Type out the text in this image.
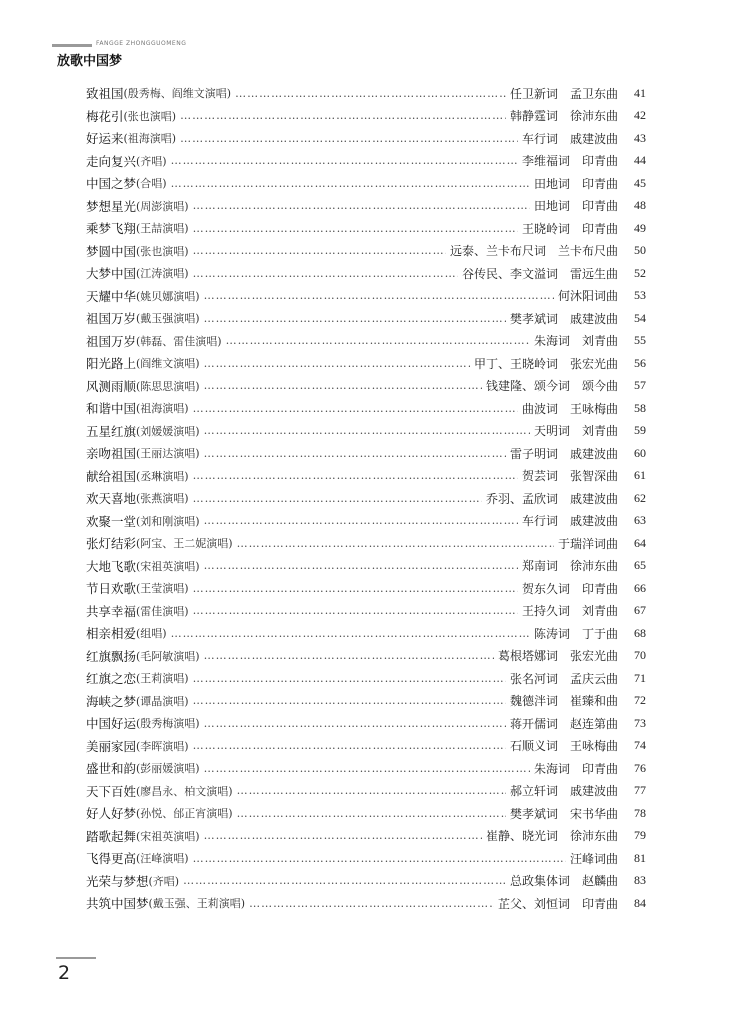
FANGGE ZHONGGUOMENG
放歌中国梦
致祖国 (殷秀梅、阎维文演唱) ………………………………………………………………………………………………………………………………………………………	任卫新词　孟卫东曲	41
梅花引 (张也演唱) ………………………………………………………………………………………………………………………………………………………	韩静霆词　徐沛东曲	42
好运来 (祖海演唱) ………………………………………………………………………………………………………………………………………………………	车行词　戚建波曲	43
走向复兴 (齐唱) ………………………………………………………………………………………………………………………………………………………	李维福词　印青曲	44
中国之梦 (合唱) ………………………………………………………………………………………………………………………………………………………	田地词　印青曲	45
梦想星光 (周澎演唱) ………………………………………………………………………………………………………………………………………………………	田地词　印青曲	48
乘梦飞翔 (王喆演唱) ………………………………………………………………………………………………………………………………………………………	王晓岭词　印青曲	49
梦圆中国 (张也演唱) ………………………………………………………………………………………………………………………………………………………	远泰、兰卡布尺词　兰卡布尺曲	50
大梦中国 (江涛演唱) ………………………………………………………………………………………………………………………………………………………	谷传民、李文溢词　雷远生曲	52
天耀中华 (姚贝娜演唱) ………………………………………………………………………………………………………………………………………………………	何沐阳词曲	53
祖国万岁 (戴玉强演唱) ………………………………………………………………………………………………………………………………………………………	樊孝斌词　戚建波曲	54
祖国万岁 (韩磊、雷佳演唱) ………………………………………………………………………………………………………………………………………………………	朱海词　刘青曲	55
阳光路上 (阎维文演唱) ………………………………………………………………………………………………………………………………………………………	甲丁、王晓岭词　张宏光曲	56
风测雨顺 (陈思思演唱) ………………………………………………………………………………………………………………………………………………………	钱建隆、颂今词　颂今曲	57
和谐中国 (祖海演唱) ………………………………………………………………………………………………………………………………………………………	曲波词　王咏梅曲	58
五星红旗 (刘媛媛演唱) ………………………………………………………………………………………………………………………………………………………	天明词　刘青曲	59
亲吻祖国 (王丽达演唱) ………………………………………………………………………………………………………………………………………………………	雷子明词　戚建波曲	60
献给祖国 (丞琳演唱) ………………………………………………………………………………………………………………………………………………………	贺芸词　张智深曲	61
欢天喜地 (张燕演唱) ………………………………………………………………………………………………………………………………………………………	乔羽、孟欣词　戚建波曲	62
欢聚一堂 (刘和刚演唱) ………………………………………………………………………………………………………………………………………………………	车行词　戚建波曲	63
张灯结彩 (阿宝、王二妮演唱) ………………………………………………………………………………………………………………………………………………………	于瑞洋词曲	64
大地飞歌 (宋祖英演唱) ………………………………………………………………………………………………………………………………………………………	郑南词　徐沛东曲	65
节日欢歌 (王莹演唱) ………………………………………………………………………………………………………………………………………………………	贺东久词　印青曲	66
共享幸福 (雷佳演唱) ………………………………………………………………………………………………………………………………………………………	王持久词　刘青曲	67
相亲相爱 (组唱) ………………………………………………………………………………………………………………………………………………………	陈涛词　丁于曲	68
红旗飘扬 (毛阿敏演唱) ………………………………………………………………………………………………………………………………………………………	葛根塔娜词　张宏光曲	70
红旗之恋 (王莉演唱) ………………………………………………………………………………………………………………………………………………………	张名河词　孟庆云曲	71
海峡之梦 (谭晶演唱) ………………………………………………………………………………………………………………………………………………………	魏德泮词　崔臻和曲	72
中国好运 (殷秀梅演唱) ………………………………………………………………………………………………………………………………………………………	蒋开儒词　赵连第曲	73
美丽家园 (李晖演唱) ………………………………………………………………………………………………………………………………………………………	石顺义词　王咏梅曲	74
盛世和韵 (彭丽媛演唱) ………………………………………………………………………………………………………………………………………………………	朱海词　印青曲	76
天下百姓 (廖昌永、柏文演唱) ………………………………………………………………………………………………………………………………………………………	郝立轩词　戚建波曲	77
好人好梦 (孙悦、邰正宵演唱) ………………………………………………………………………………………………………………………………………………………	樊孝斌词　宋书华曲	78
踏歌起舞 (宋祖英演唱) ………………………………………………………………………………………………………………………………………………………	崔静、晓光词　徐沛东曲	79
飞得更高 (汪峰演唱) ………………………………………………………………………………………………………………………………………………………	汪峰词曲	81
光荣与梦想 (齐唱) ………………………………………………………………………………………………………………………………………………………	总政集体词　赵麟曲	83
共筑中国梦 (戴玉强、王莉演唱) ………………………………………………………………………………………………………………………………………………………	芷父、刘恒词　印青曲	84
2
